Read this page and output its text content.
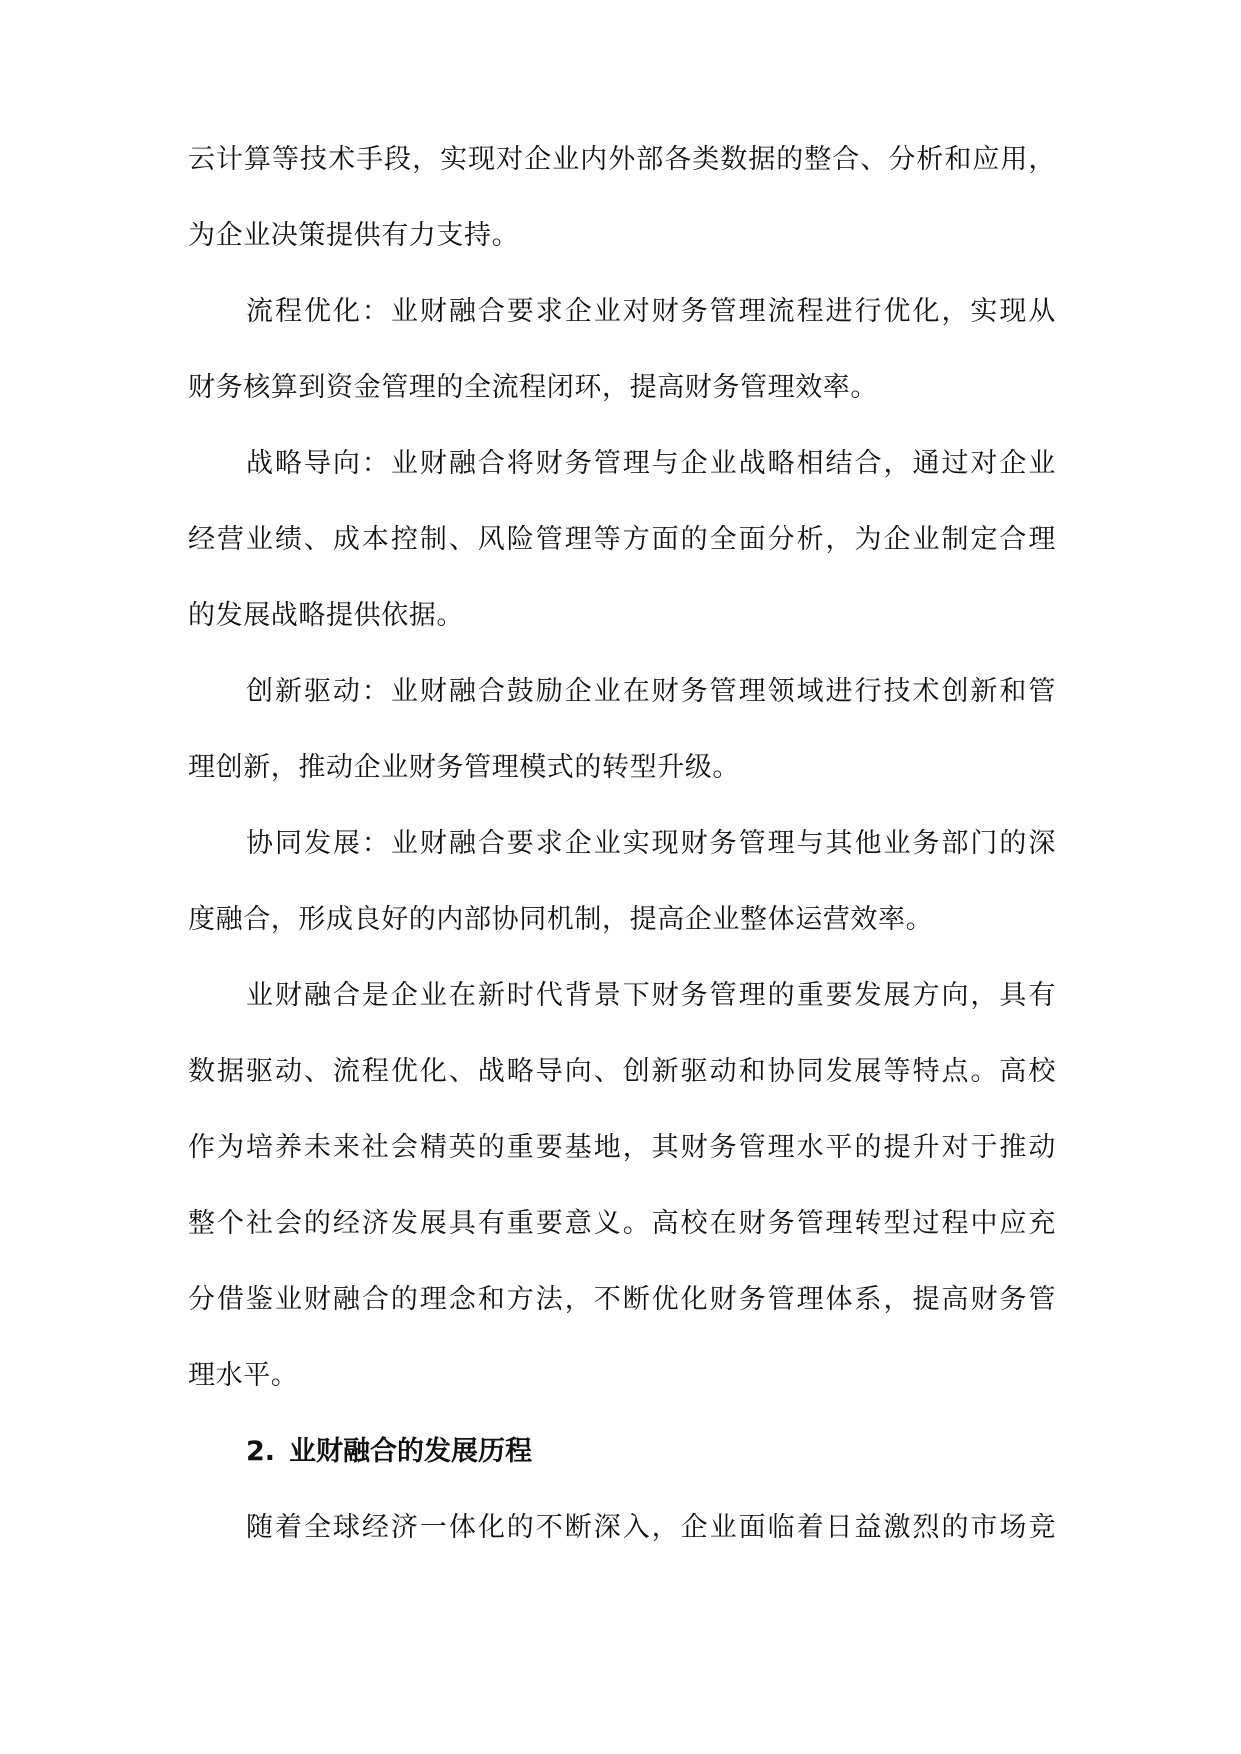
云计算等技术手段，实现对企业内外部各类数据的整合、分析和应用，
为企业决策提供有力支持。
流程优化：业财融合要求企业对财务管理流程进行优化，实现从
财务核算到资金管理的全流程闭环，提高财务管理效率。
战略导向：业财融合将财务管理与企业战略相结合，通过对企业
经营业绩、成本控制、风险管理等方面的全面分析，为企业制定合理
的发展战略提供依据。
创新驱动：业财融合鼓励企业在财务管理领域进行技术创新和管
理创新，推动企业财务管理模式的转型升级。
协同发展：业财融合要求企业实现财务管理与其他业务部门的深
度融合，形成良好的内部协同机制，提高企业整体运营效率。
业财融合是企业在新时代背景下财务管理的重要发展方向，具有
数据驱动、流程优化、战略导向、创新驱动和协同发展等特点。高校
作为培养未来社会精英的重要基地，其财务管理水平的提升对于推动
整个社会的经济发展具有重要意义。高校在财务管理转型过程中应充
分借鉴业财融合的理念和方法，不断优化财务管理体系，提高财务管
理水平。
2. 业财融合的发展历程
随着全球经济一体化的不断深入，企业面临着日益激烈的市场竞
